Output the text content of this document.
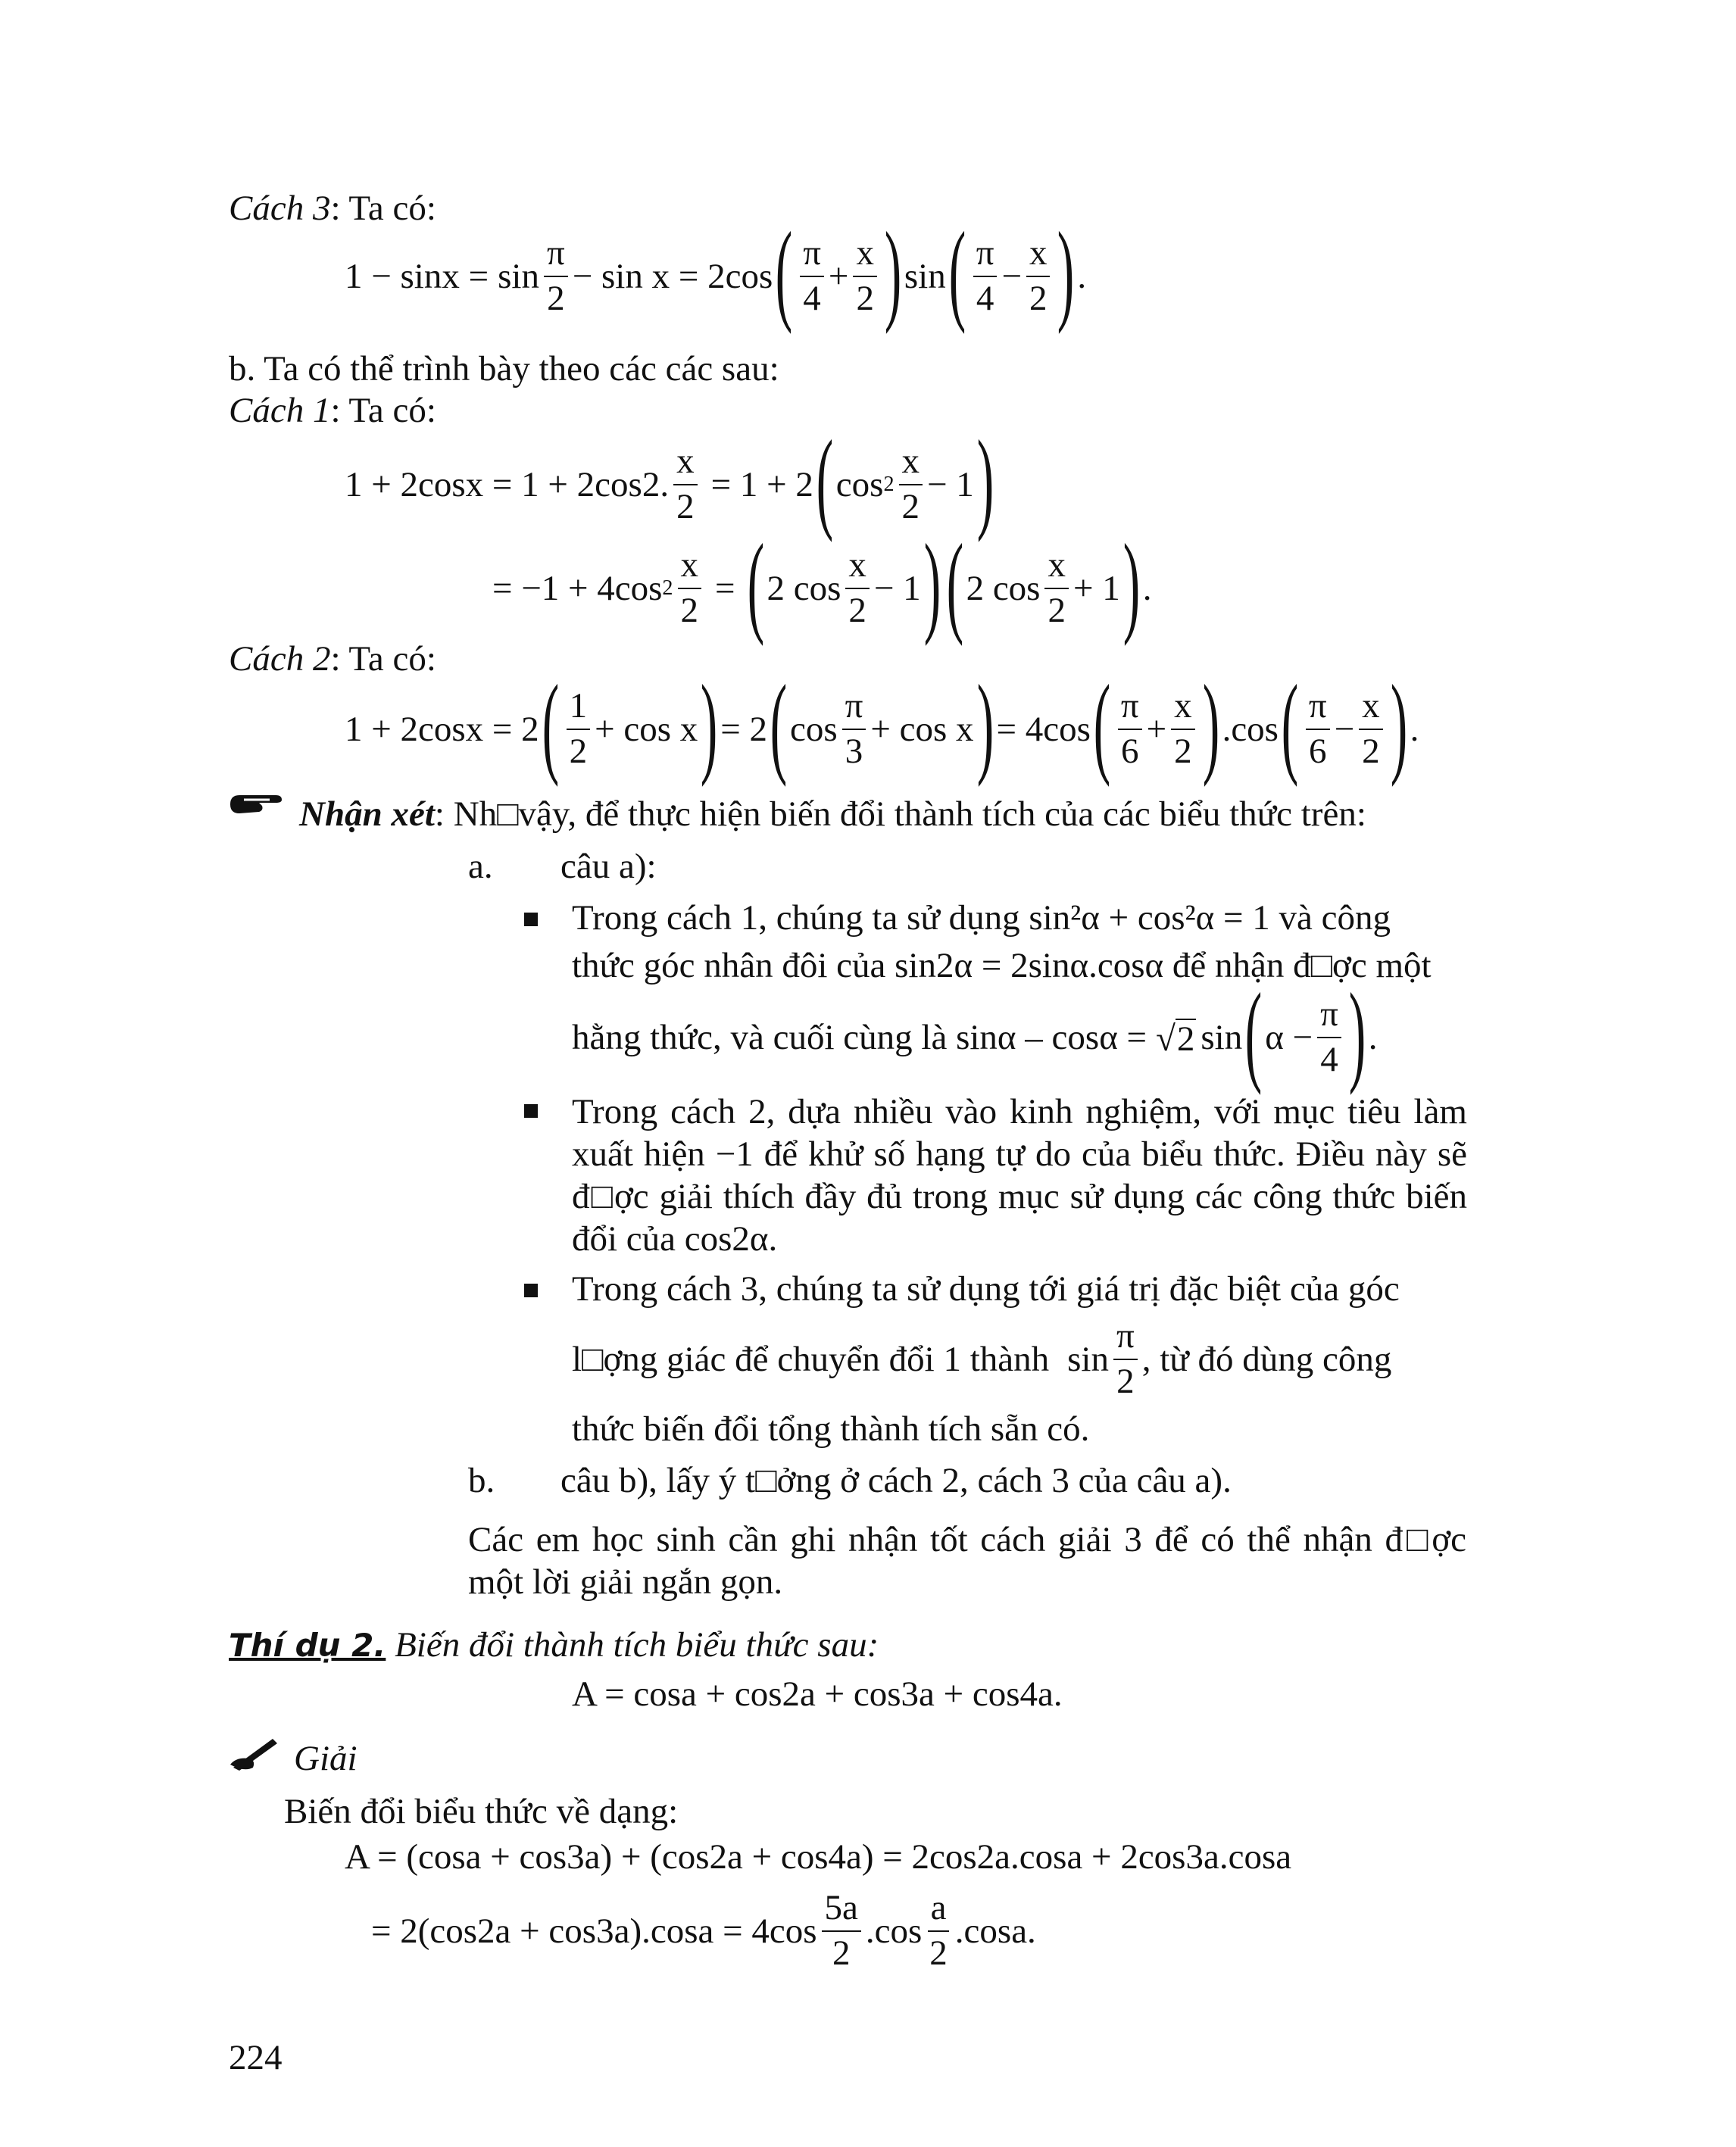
Cách 3: Ta có:
$1 - \sin x = \sin \frac{\pi}{2} - \sin x = 2\cos$ ( $\frac{\pi}{4} + \frac{x}{2}$ ) sin ( $\frac{\pi}{4} - \frac{x}{2}$ ) .
b. Ta có thể trình bày theo các các sau:
Cách 1: Ta có:
1 + 2cosx = 1 + 2cos2. $\frac{x}{2} = 1 + 2$ ( $\cos 2 \frac{x}{2} - 1$ )
= −1 + 4cos $2 \frac{x}{2}$ = ( 2 $\cos \frac{x}{2} - 1$ ) ( 2 $\cos \frac{x}{2} + 1$ ) .
Cách 2: Ta có:
1 + 2cosx = 2 ( $\frac{1}{2} + \cos x$ ) = 2 ( $\cos \frac{\pi}{3} + \cos x$ ) = 4cos ( $\frac{\pi}{6} + \frac{x}{2}$ ) .cos ( $\frac{\pi}{6} - \frac{x}{2}$ ) .
Nhận xét: Nh□vậy, để thực hiện biến đổi thành tích của các biểu thức trên:
a. câu a):
Trong cách 1, chúng ta sử dụng sin²α + cos²α = 1 và công
thức góc nhân đôi của sin2α = 2sinα.cosα để nhận đ□ợc một
hằng thức, và cuối cùng là sinα – cosα = √ 2 sin ( $\alpha - \frac{\pi}{4}$ ) .
Trong cách 2, dựa nhiều vào kinh nghiệm, với mục tiêu làm xuất hiện −1 để khử số hạng tự do của biểu thức. Điều này sẽ đ□ợc giải thích đầy đủ trong mục sử dụng các công thức biến đổi của cos2α.
Trong cách 3, chúng ta sử dụng tới giá trị đặc biệt của góc
l□ợng giác để chuyển đổi 1 thành $\sin \frac{\pi}{2}$ , từ đó dùng công
thức biến đổi tổng thành tích sẵn có.
b. câu b), lấy ý t□ởng ở cách 2, cách 3 của câu a).
Các em học sinh cần ghi nhận tốt cách giải 3 để có thể nhận đ□ợc một lời giải ngắn gọn.
Thí dụ 2. Biến đổi thành tích biểu thức sau:
A = cosa + cos2a + cos3a + cos4a.
Giải
Biến đổi biểu thức về dạng:
A = (cosa + cos3a) + (cos2a + cos4a) = 2cos2a.cosa + 2cos3a.cosa
= $2(\cos 2a + \cos 3a).\cos a = 4\cos \frac{5a}{2} .\cos \frac{a}{2} .\cos a$.
224
